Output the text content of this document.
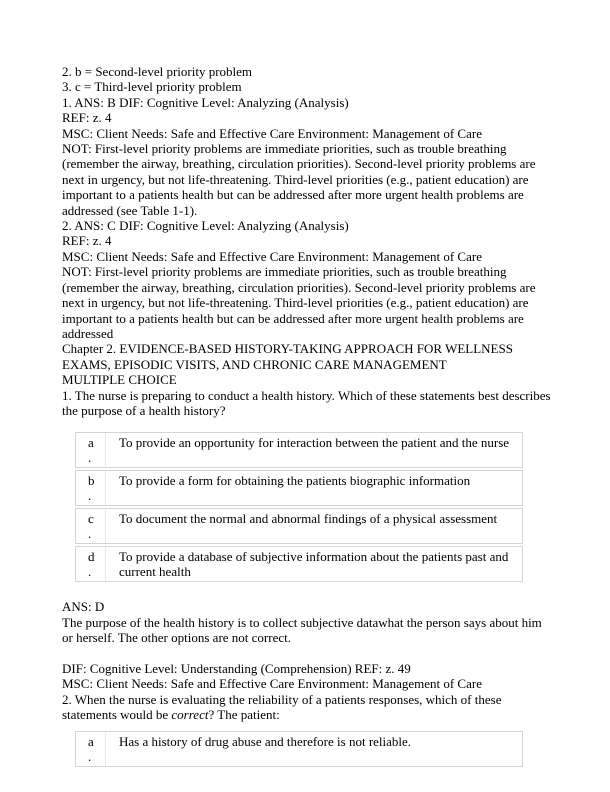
2. b = Second-level priority problem

3. c = Third-level priority problem

1. ANS: B DIF: Cognitive Level: Analyzing (Analysis)

REF: z. 4

MSC: Client Needs: Safe and Effective Care Environment: Management of Care

NOT: First-level priority problems are immediate priorities, such as trouble breathing (remember the airway, breathing, circulation priorities). Second-level priority problems are next in urgency, but not life-threatening. Third-level priorities (e.g., patient education) are important to a patients health but can be addressed after more urgent health problems are addressed (see Table 1-1).

2. ANS: C DIF: Cognitive Level: Analyzing (Analysis)

REF: z. 4

MSC: Client Needs: Safe and Effective Care Environment: Management of Care

NOT: First-level priority problems are immediate priorities, such as trouble breathing (remember the airway, breathing, circulation priorities). Second-level priority problems are next in urgency, but not life-threatening. Third-level priorities (e.g., patient education) are important to a patients health but can be addressed after more urgent health problems are addressed

Chapter 2. EVIDENCE-BASED HISTORY-TAKING APPROACH FOR WELLNESS EXAMS, EPISODIC VISITS, AND CHRONIC CARE MANAGEMENT

MULTIPLE CHOICE

1. The nurse is preparing to conduct a health history. Which of these statements best describes the purpose of a health history?

a
.
To provide an opportunity for interaction between the patient and the nurse
b
.
To provide a form for obtaining the patients biographic information
c
.
To document the normal and abnormal findings of a physical assessment
d
.
To provide a database of subjective information about the patients past and current health

ANS: D

The purpose of the health history is to collect subjective datawhat the person says about him or herself. The other options are not correct.

DIF: Cognitive Level: Understanding (Comprehension) REF: z. 49

MSC: Client Needs: Safe and Effective Care Environment: Management of Care

2. When the nurse is evaluating the reliability of a patients responses, which of these statements would be correct? The patient:

a
.
Has a history of drug abuse and therefore is not reliable.
